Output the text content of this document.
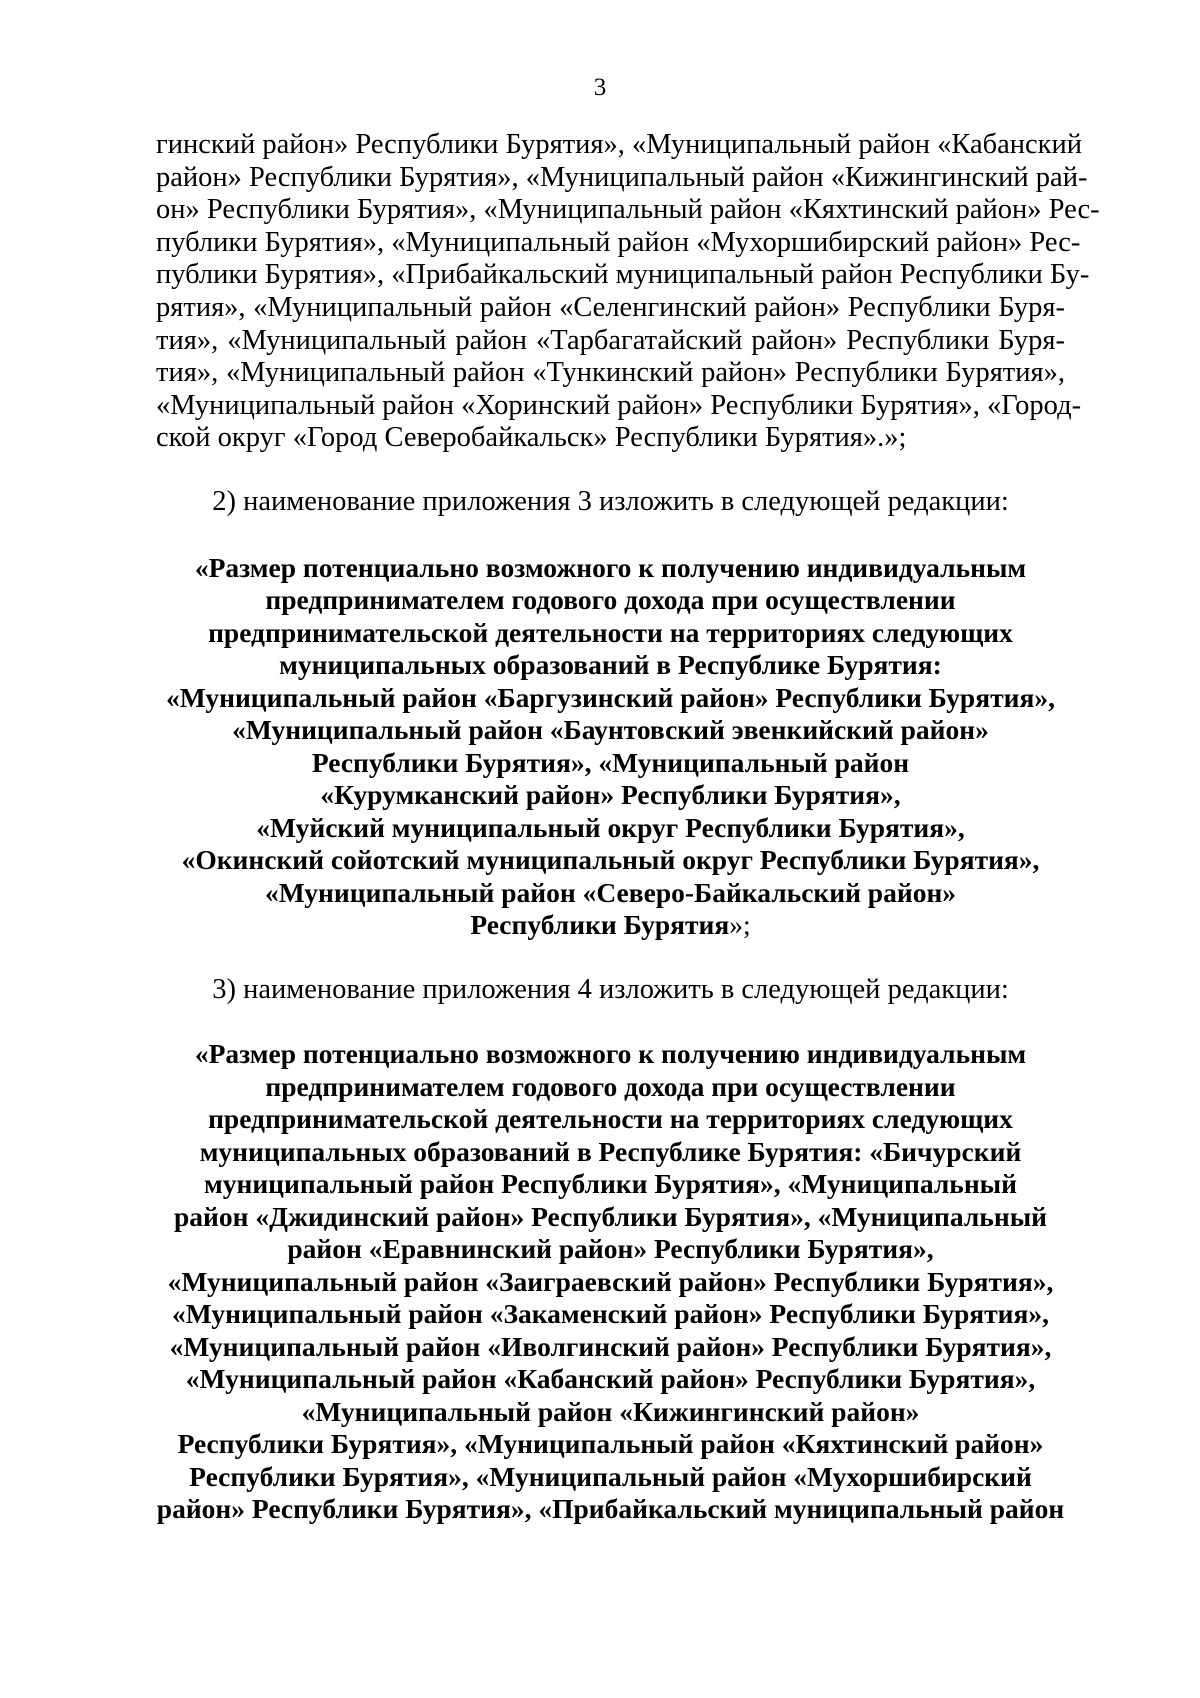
3

гинский район» Республики Бурятия», «Муниципальный район «Кабанский
район» Республики Бурятия», «Муниципальный район «Кижингинский рай-
он» Республики Бурятия», «Муниципальный район «Кяхтинский район» Рес-
публики Бурятия», «Муниципальный район «Мухоршибирский район» Рес-
публики Бурятия», «Прибайкальский муниципальный район Республики Бу-
рятия», «Муниципальный район «Селенгинский район» Республики Буря-
тия», «Муниципальный район «Тарбагатайский район» Республики Буря-
тия», «Муниципальный район «Тункинский район» Республики Бурятия»,
«Муниципальный район «Хоринский район» Республики Бурятия», «Город-
ской округ «Город Северобайкальск» Республики Бурятия».»;

2) наименование приложения 3 изложить в следующей редакции:

«Размер потенциально возможного к получению индивидуальным
предпринимателем годового дохода при осуществлении
предпринимательской деятельности на территориях следующих
муниципальных образований в Республике Бурятия:
«Муниципальный район «Баргузинский район» Республики Бурятия»,
«Муниципальный район «Баунтовский эвенкийский район»
Республики Бурятия», «Муниципальный район
«Курумканский район» Республики Бурятия»,
«Муйский муниципальный округ Республики Бурятия»,
«Окинский сойотский муниципальный округ Республики Бурятия»,
«Муниципальный район «Северо-Байкальский район»
Республики Бурятия»;

3) наименование приложения 4 изложить в следующей редакции:

«Размер потенциально возможного к получению индивидуальным
предпринимателем годового дохода при осуществлении
предпринимательской деятельности на территориях следующих
муниципальных образований в Республике Бурятия: «Бичурский
муниципальный район Республики Бурятия», «Муниципальный
район «Джидинский район» Республики Бурятия», «Муниципальный
район «Еравнинский район» Республики Бурятия»,
«Муниципальный район «Заиграевский район» Республики Бурятия»,
«Муниципальный район «Закаменский район» Республики Бурятия»,
«Муниципальный район «Иволгинский район» Республики Бурятия»,
«Муниципальный район «Кабанский район» Республики Бурятия»,
«Муниципальный район «Кижингинский район»
Республики Бурятия», «Муниципальный район «Кяхтинский район»
Республики Бурятия», «Муниципальный район «Мухоршибирский
район» Республики Бурятия», «Прибайкальский муниципальный район
